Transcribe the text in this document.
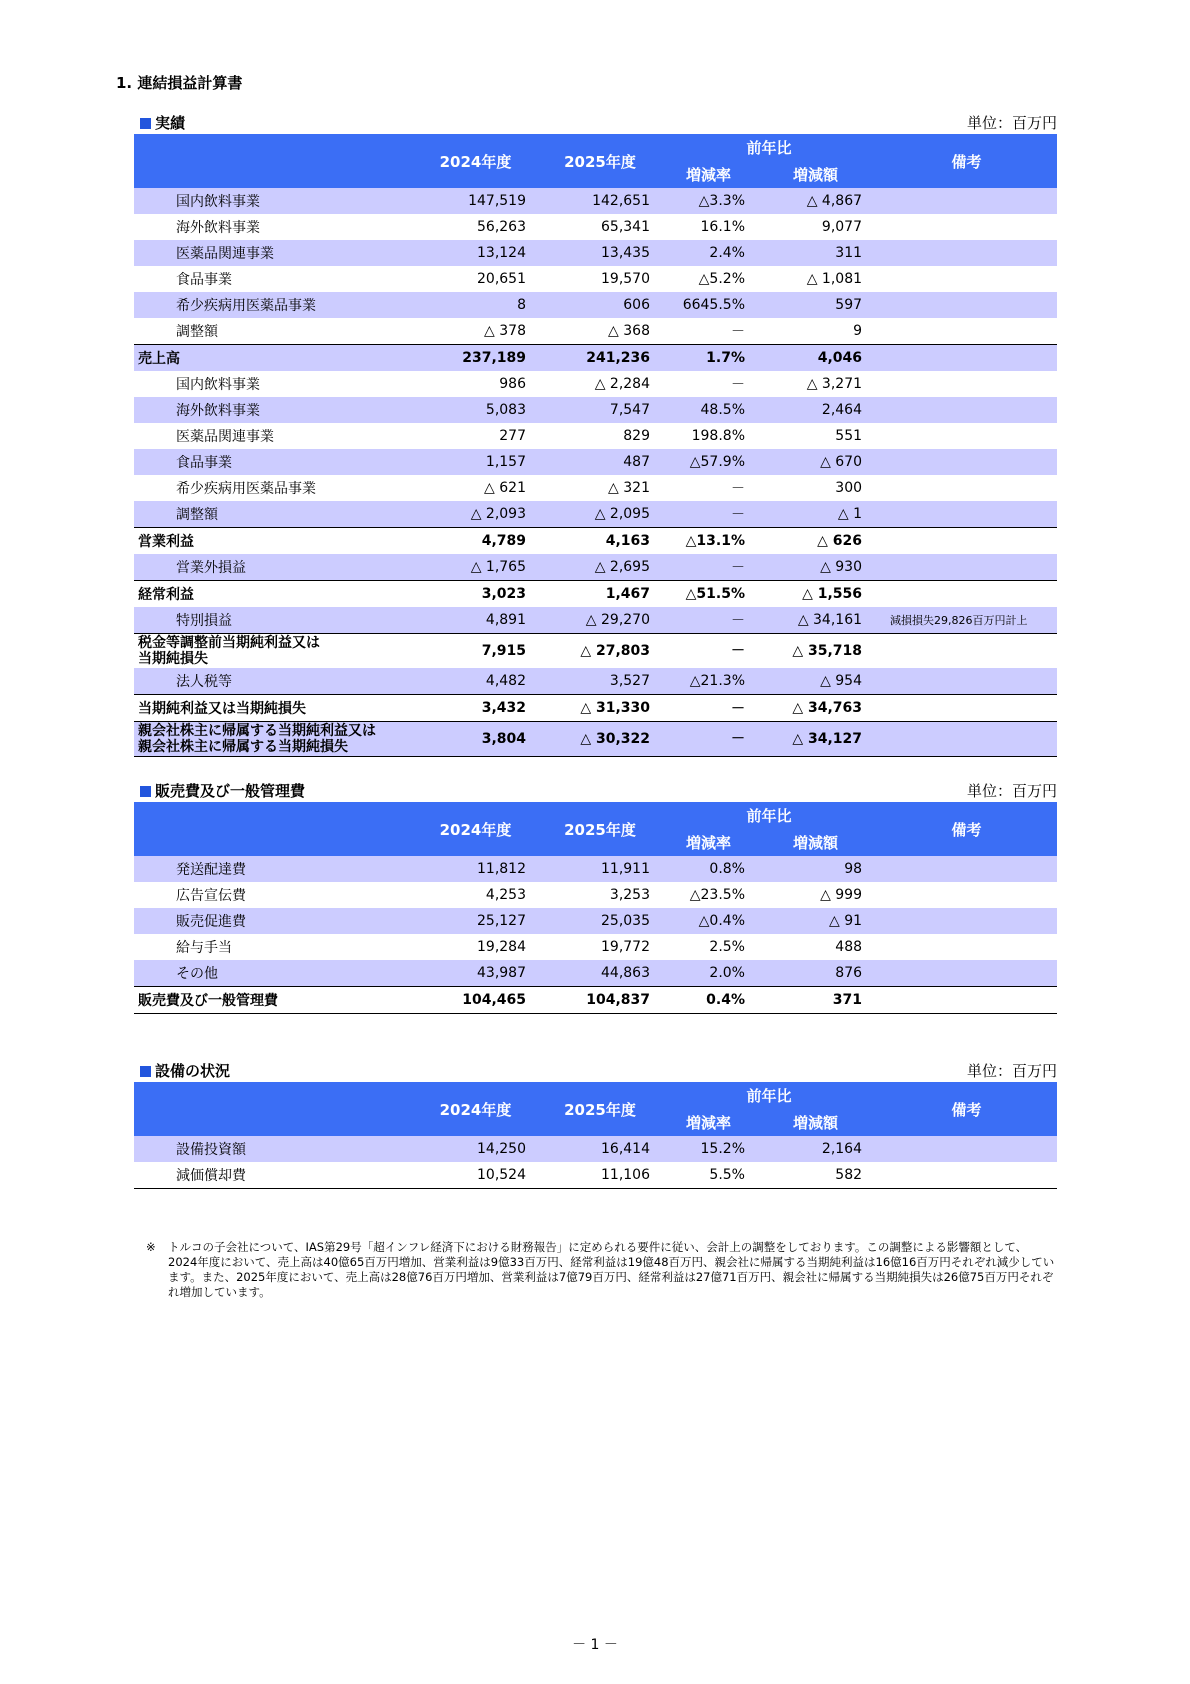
1. 連結損益計算書
実績	単位：百万円
	2024年度	2025年度	前年比		備考
			増減率	増減額	
国内飲料事業	147,519	142,651	△3.3%	△ 4,867	
海外飲料事業	56,263	65,341	16.1%	9,077	
医薬品関連事業	13,124	13,435	2.4%	311	
食品事業	20,651	19,570	△5.2%	△ 1,081	
希少疾病用医薬品事業	8	606	6645.5%	597	
調整額	△ 378	△ 368	－	9	
売上高	237,189	241,236	1.7%	4,046	
国内飲料事業	986	△ 2,284	－	△ 3,271	
海外飲料事業	5,083	7,547	48.5%	2,464	
医薬品関連事業	277	829	198.8%	551	
食品事業	1,157	487	△57.9%	△ 670	
希少疾病用医薬品事業	△ 621	△ 321	－	300	
調整額	△ 2,093	△ 2,095	－	△ 1	
営業利益	4,789	4,163	△13.1%	△ 626	
営業外損益	△ 1,765	△ 2,695	－	△ 930	
経常利益	3,023	1,467	△51.5%	△ 1,556	
特別損益	4,891	△ 29,270	－	△ 34,161	減損損失29,826百万円計上

税金等調整前当期純利益又は
当期純損失	7,915	△ 27,803	－	△ 35,718	
法人税等	4,482	3,527	△21.3%	△ 954	
当期純利益又は当期純損失	3,432	△ 31,330	－	△ 34,763	

親会社株主に帰属する当期純利益又は
親会社株主に帰属する当期純損失	3,804	△ 30,322	－	△ 34,127	
販売費及び一般管理費	単位：百万円
	2024年度	2025年度	前年比		備考
			増減率	増減額	
発送配達費	11,812	11,911	0.8%	98	
広告宣伝費	4,253	3,253	△23.5%	△ 999	
販売促進費	25,127	25,035	△0.4%	△ 91	
給与手当	19,284	19,772	2.5%	488	
その他	43,987	44,863	2.0%	876	
販売費及び一般管理費	104,465	104,837	0.4%	371	
設備の状況	単位：百万円
	2024年度	2025年度	前年比		備考
			増減率	増減額	
設備投資額	14,250	16,414	15.2%	2,164	
減価償却費	10,524	11,106	5.5%	582	
※	トルコの子会社について、IAS第29号「超インフレ経済下における財務報告」に定められる要件に従い、会計上の調整をしております。この調整による影響額として、2024年度において、売上高は40億65百万円増加、営業利益は9億33百万円、経常利益は19億48百万円、親会社に帰属する当期純利益は16億16百万円それぞれ減少しています。また、2025年度において、売上高は28億76百万円増加、営業利益は7億79百万円、経常利益は27億71百万円、親会社に帰属する当期純損失は26億75百万円それぞれ増加しています。
－ 1 －
